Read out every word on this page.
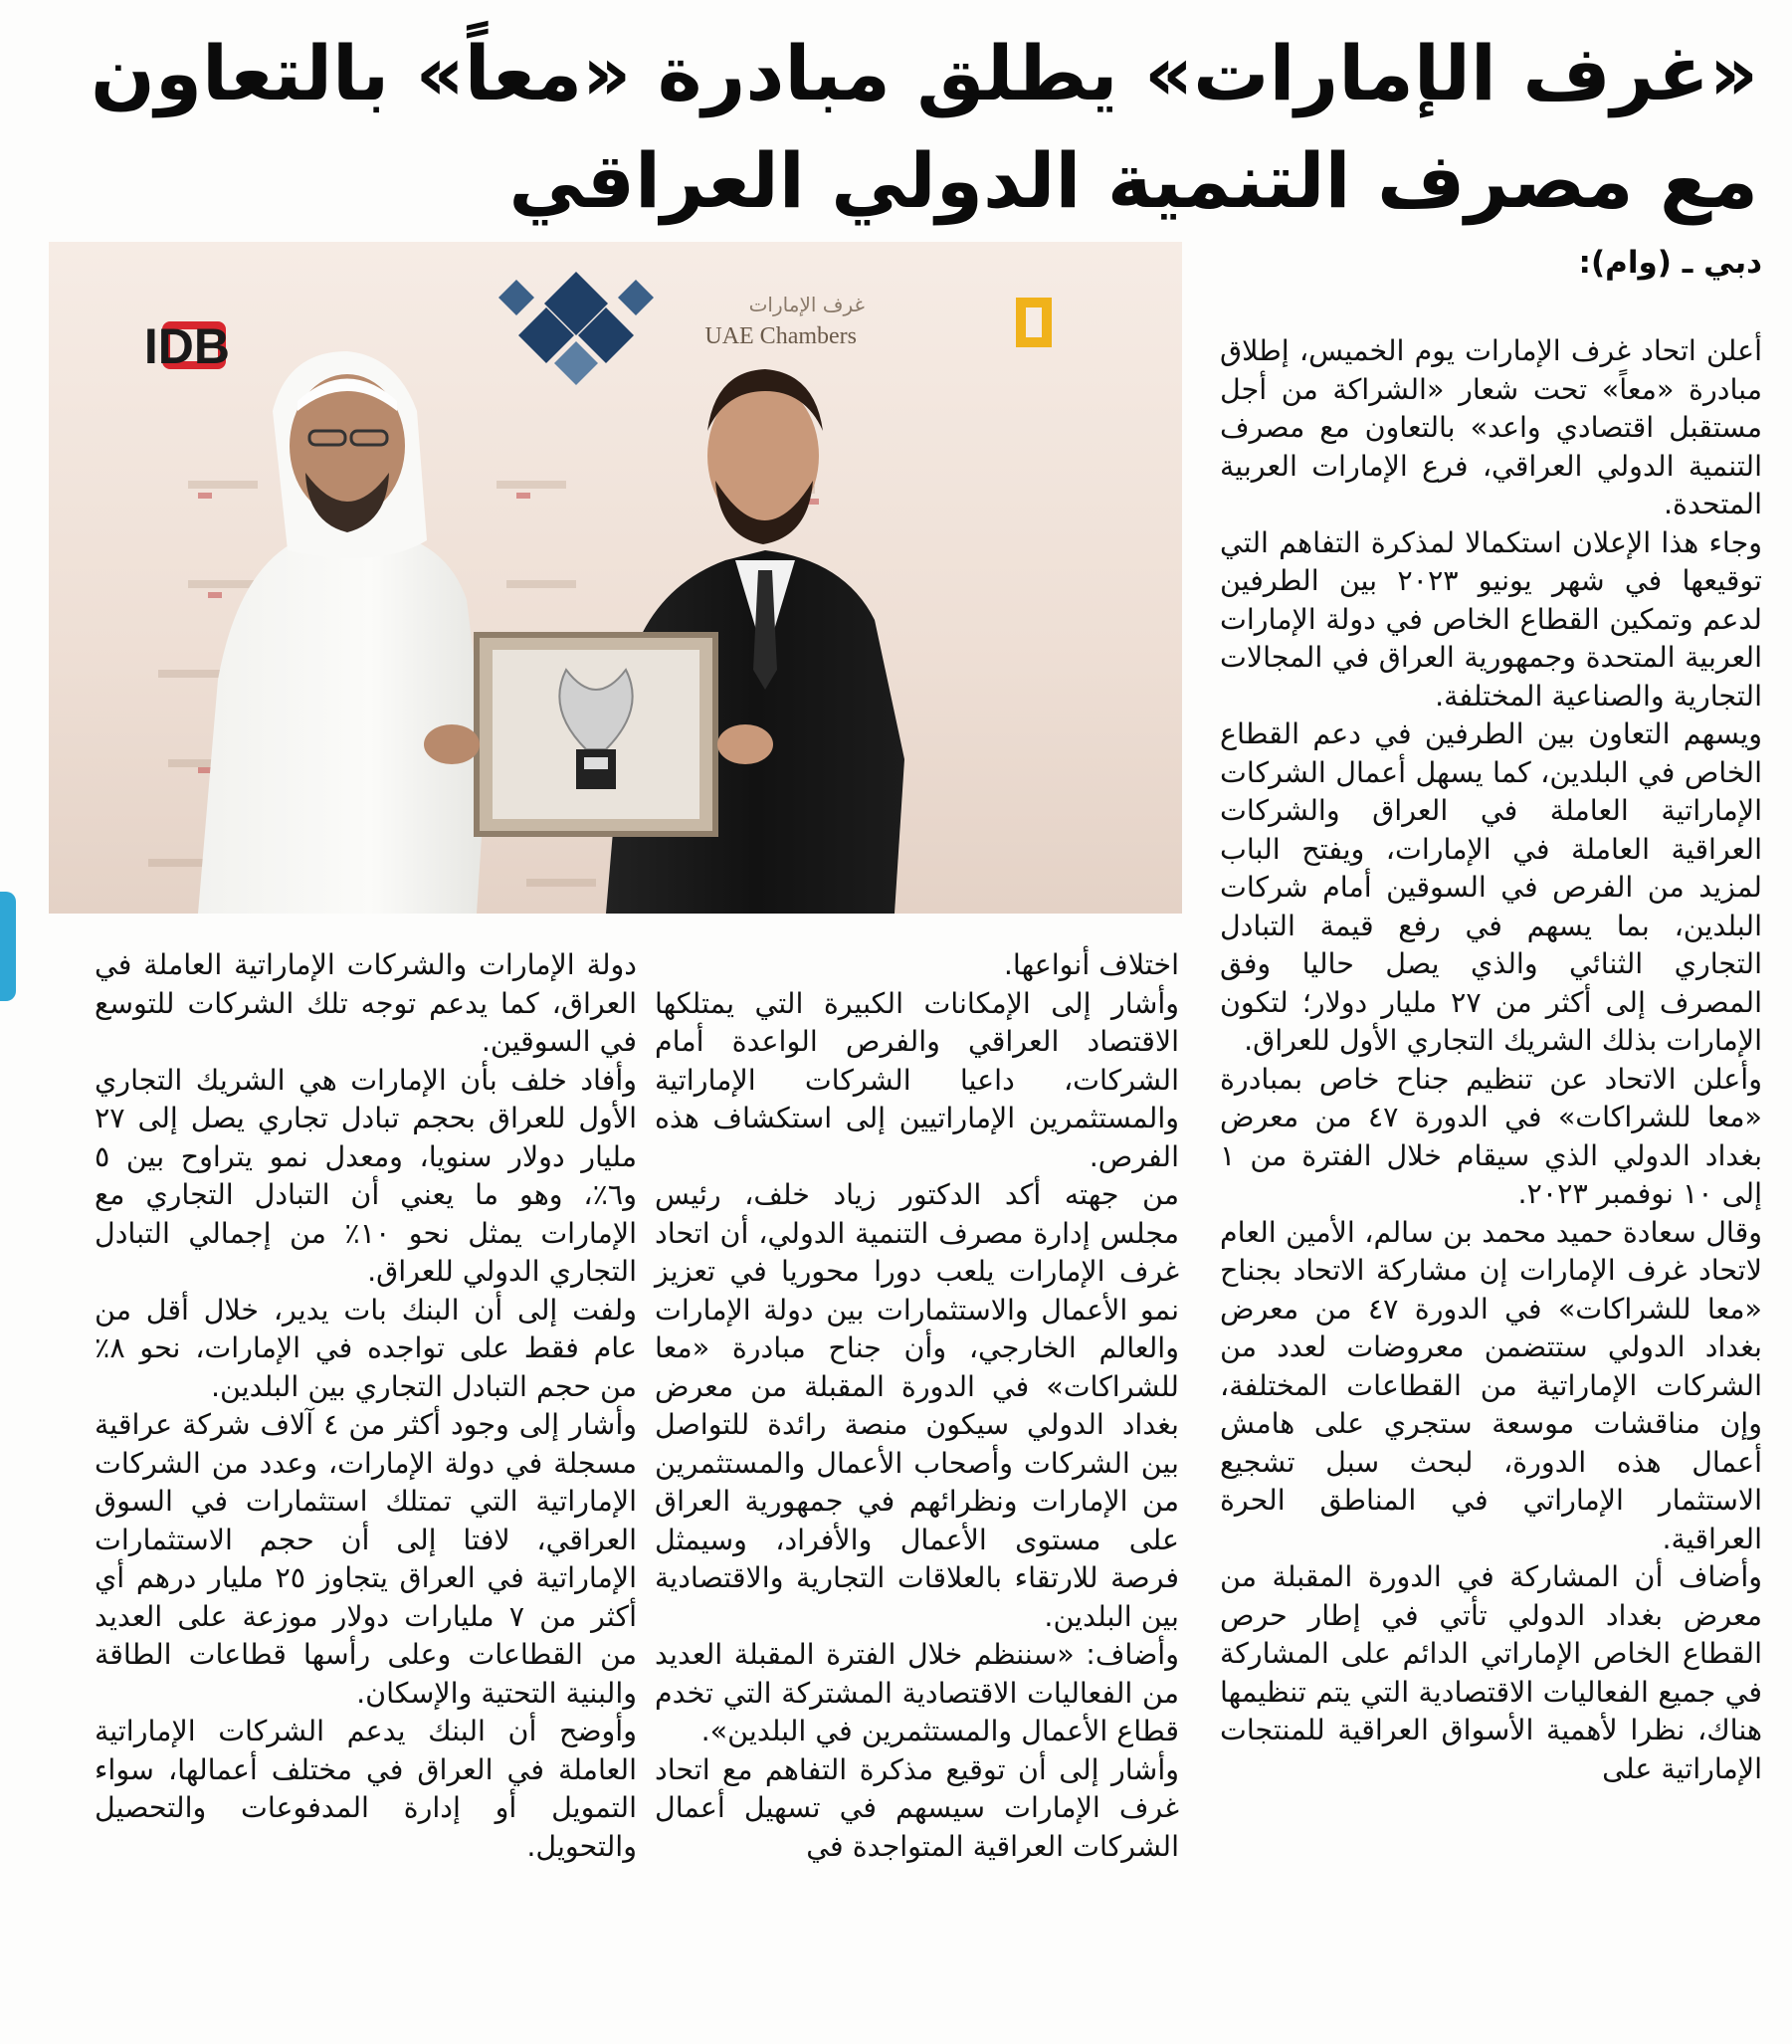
«غرف الإمارات» يطلق مبادرة «معاً» بالتعاون مع مصرف التنمية الدولي العراقي
دبي ـ (وام):
IDB
غرف الإمارات
UAE Chambers	أعلن اتحاد غرف الإمارات يوم الخميس، إطلاق مبادرة «معاً» تحت شعار «الشراكة من أجل مستقبل اقتصادي واعد» بالتعاون مع مصرف التنمية الدولي العراقي، فرع الإمارات العربية المتحدة.

وجاء هذا الإعلان استكمالا لمذكرة التفاهم التي توقيعها في شهر يونيو ٢٠٢٣ بين الطرفين لدعم وتمكين القطاع الخاص في دولة الإمارات العربية المتحدة وجمهورية العراق في المجالات التجارية والصناعية المختلفة.

ويسهم التعاون بين الطرفين في دعم القطاع الخاص في البلدين، كما يسهل أعمال الشركات الإماراتية العاملة في العراق والشركات العراقية العاملة في الإمارات، ويفتح الباب لمزيد من الفرص في السوقين أمام شركات البلدين، بما يسهم في رفع قيمة التبادل التجاري الثنائي والذي يصل حاليا وفق المصرف إلى أكثر من ٢٧ مليار دولار؛ لتكون الإمارات بذلك الشريك التجاري الأول للعراق.

وأعلن الاتحاد عن تنظيم جناح خاص بمبادرة «معا للشراكات» في الدورة ٤٧ من معرض بغداد الدولي الذي سيقام خلال الفترة من ١ إلى ١٠ نوفمبر ٢٠٢٣.

وقال سعادة حميد محمد بن سالم، الأمين العام لاتحاد غرف الإمارات إن مشاركة الاتحاد بجناح «معا للشراكات» في الدورة ٤٧ من معرض بغداد الدولي ستتضمن معروضات لعدد من الشركات الإماراتية من القطاعات المختلفة، وإن مناقشات موسعة ستجري على هامش أعمال هذه الدورة، لبحث سبل تشجيع الاستثمار الإماراتي في المناطق الحرة العراقية.

وأضاف أن المشاركة في الدورة المقبلة من معرض بغداد الدولي تأتي في إطار حرص القطاع الخاص الإماراتي الدائم على المشاركة في جميع الفعاليات الاقتصادية التي يتم تنظيمها هناك، نظرا لأهمية الأسواق العراقية للمنتجات الإماراتية على

اختلاف أنواعها.

وأشار إلى الإمكانات الكبيرة التي يمتلكها الاقتصاد العراقي والفرص الواعدة أمام الشركات، داعيا الشركات الإماراتية والمستثمرين الإماراتيين إلى استكشاف هذه الفرص.

من جهته أكد الدكتور زياد خلف، رئيس مجلس إدارة مصرف التنمية الدولي، أن اتحاد غرف الإمارات يلعب دورا محوريا في تعزيز نمو الأعمال والاستثمارات بين دولة الإمارات والعالم الخارجي، وأن جناح مبادرة «معا للشراكات» في الدورة المقبلة من معرض بغداد الدولي سيكون منصة رائدة للتواصل بين الشركات وأصحاب الأعمال والمستثمرين من الإمارات ونظرائهم في جمهورية العراق على مستوى الأعمال والأفراد، وسيمثل فرصة للارتقاء بالعلاقات التجارية والاقتصادية بين البلدين.

وأضاف: «سننظم خلال الفترة المقبلة العديد من الفعاليات الاقتصادية المشتركة التي تخدم قطاع الأعمال والمستثمرين في البلدين».

وأشار إلى أن توقيع مذكرة التفاهم مع اتحاد غرف الإمارات سيسهم في تسهيل أعمال الشركات العراقية المتواجدة في

دولة الإمارات والشركات الإماراتية العاملة في العراق، كما يدعم توجه تلك الشركات للتوسع في السوقين.

وأفاد خلف بأن الإمارات هي الشريك التجاري الأول للعراق بحجم تبادل تجاري يصل إلى ٢٧ مليار دولار سنويا، ومعدل نمو يتراوح بين ٥ و٦٪، وهو ما يعني أن التبادل التجاري مع الإمارات يمثل نحو ١٠٪ من إجمالي التبادل التجاري الدولي للعراق.

ولفت إلى أن البنك بات يدير، خلال أقل من عام فقط على تواجده في الإمارات، نحو ٨٪ من حجم التبادل التجاري بين البلدين.

وأشار إلى وجود أكثر من ٤ آلاف شركة عراقية مسجلة في دولة الإمارات، وعدد من الشركات الإماراتية التي تمتلك استثمارات في السوق العراقي، لافتا إلى أن حجم الاستثمارات الإماراتية في العراق يتجاوز ٢٥ مليار درهم أي أكثر من ٧ مليارات دولار موزعة على العديد من القطاعات وعلى رأسها قطاعات الطاقة والبنية التحتية والإسكان.

وأوضح أن البنك يدعم الشركات الإماراتية العاملة في العراق في مختلف أعمالها، سواء التمويل أو إدارة المدفوعات والتحصيل والتحويل.
